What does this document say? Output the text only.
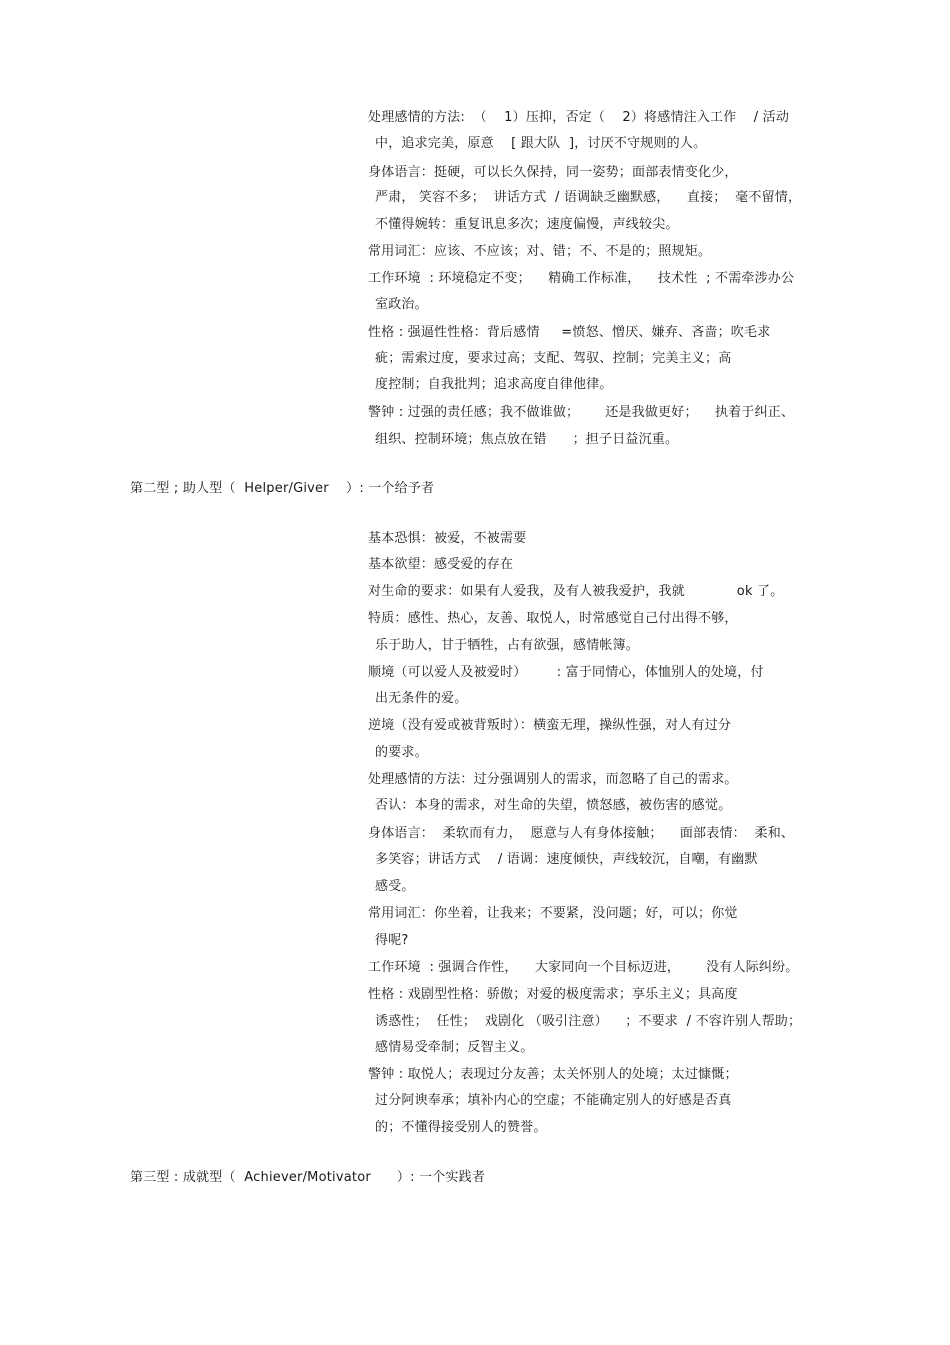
处理感情的方法:  （    1）压抑，否定（    2）将感情注入工作    / 活动
中，追求完美，原意    [ 跟大队  ]，讨厌不守规则的人。
身体语言：挺硬，可以长久保持，同一姿势；面部表情变化少，
严肃， 笑容不多；  讲话方式  / 语调缺乏幽默感，    直接；  毫不留情，
不懂得婉转：重复讯息多次；速度偏慢，声线较尖。
常用词汇：应该、不应该；对、错；不、不是的；照规矩。
工作环境  : 环境稳定不变；    精确工作标准，    技术性  ; 不需牵涉办公
室政治。
性格 : 强逼性性格：背后感情     =愤怒、憎厌、嫌弃、吝啬；吹毛求
疵；需索过度，要求过高；支配、驾驭、控制；完美主义；高
度控制；自我批判；追求高度自律他律。
警钟 : 过强的责任感；我不做谁做；      还是我做更好；    执着于纠正、
组织、控制环境；焦点放在错      ；担子日益沉重。
第二型 ; 助人型（  Helper/Giver    ）: 一个给予者
基本恐惧：被爱，不被需要
基本欲望：感受爱的存在
对生命的要求：如果有人爱我，及有人被我爱护，我就            ok 了。
特质：感性、热心，友善、取悦人，时常感觉自己付出得不够，
乐于助人，甘于牺牲，占有欲强，感情帐簿。
顺境（可以爱人及被爱时）       : 富于同情心，体恤别人的处境，付
出无条件的爱。
逆境（没有爱或被背叛时）：横蛮无理，操纵性强，对人有过分
的要求。
处理感情的方法：过分强调别人的需求，而忽略了自己的需求。
否认：本身的需求，对生命的失望，愤怒感，被伤害的感觉。
身体语言：  柔软而有力，  愿意与人有身体接触；    面部表情：  柔和、
多笑容；讲话方式    / 语调：速度倾快，声线较沉，自嘲，有幽默
感受。
常用词汇：你坐着，让我来；不要紧，没问题；好，可以；你觉
得呢?
工作环境  : 强调合作性，    大家同向一个目标迈进，      没有人际纠纷。
性格 : 戏剧型性格：骄傲；对爱的极度需求；享乐主义；具高度
诱惑性；  任性；  戏剧化 （吸引注意）    ；不要求  / 不容许别人帮助；
感情易受牵制；反智主义。
警钟 : 取悦人；表现过分友善；太关怀别人的处境；太过慷慨；
过分阿谀奉承；填补内心的空虚；不能确定别人的好感是否真
的；不懂得接受别人的赞誉。
第三型 : 成就型（  Achiever/Motivator      ）: 一个实践者
